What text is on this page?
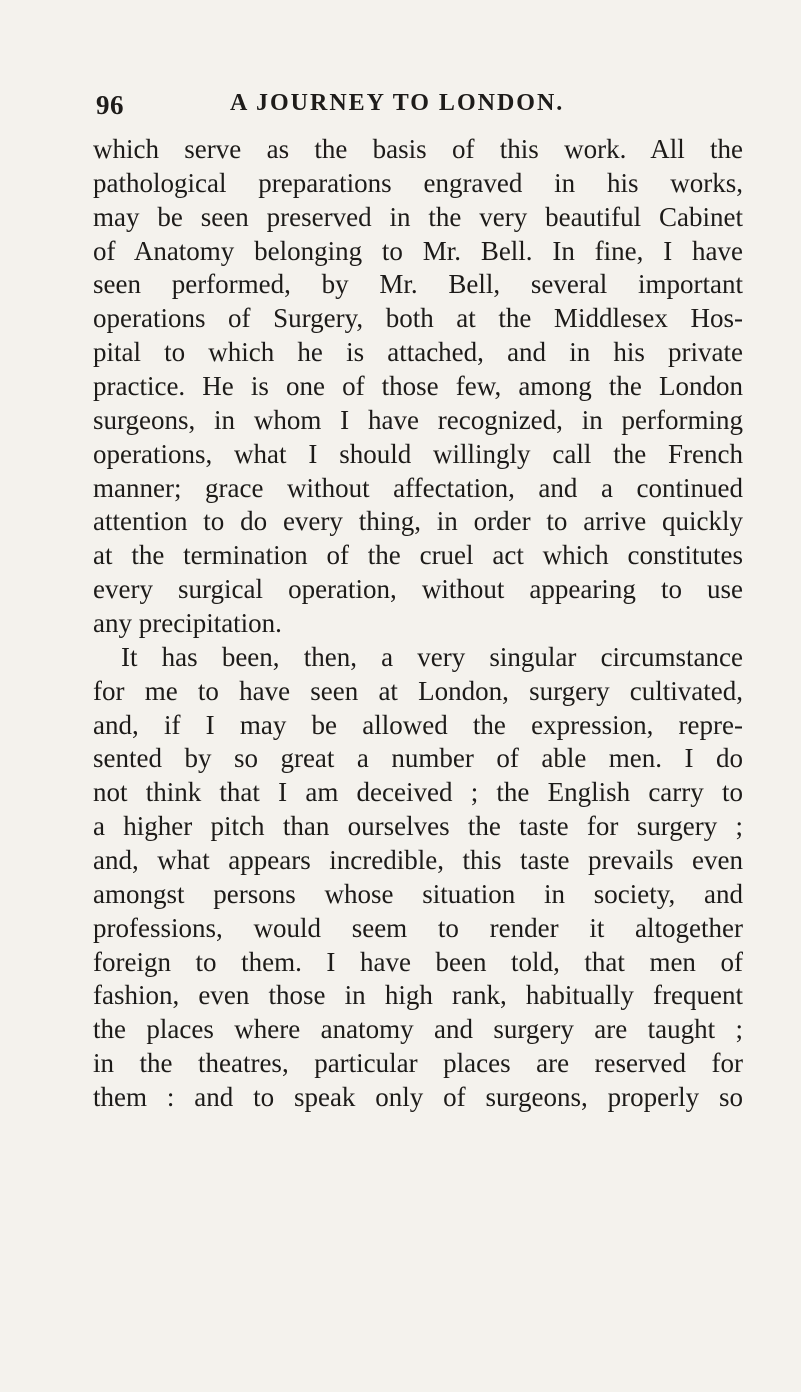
96	A JOURNEY TO LONDON.
which serve as the basis of this work. All the
pathological preparations engraved in his works,
may be seen preserved in the very beautiful Cabinet
of Anatomy belonging to Mr. Bell. In fine, I have
seen performed, by Mr. Bell, several important
operations of Surgery, both at the Middlesex Hos-
pital to which he is attached, and in his private
practice. He is one of those few, among the London
surgeons, in whom I have recognized, in performing
operations, what I should willingly call the French
manner; grace without affectation, and a continued
attention to do every thing, in order to arrive quickly
at the termination of the cruel act which constitutes
every surgical operation, without appearing to use
any precipitation.
It has been, then, a very singular circumstance
for me to have seen at London, surgery cultivated,
and, if I may be allowed the expression, repre-
sented by so great a number of able men. I do
not think that I am deceived ; the English carry to
a higher pitch than ourselves the taste for surgery ;
and, what appears incredible, this taste prevails even
amongst persons whose situation in society, and
professions, would seem to render it altogether
foreign to them. I have been told, that men of
fashion, even those in high rank, habitually frequent
the places where anatomy and surgery are taught ;
in the theatres, particular places are reserved for
them : and to speak only of surgeons, properly so
